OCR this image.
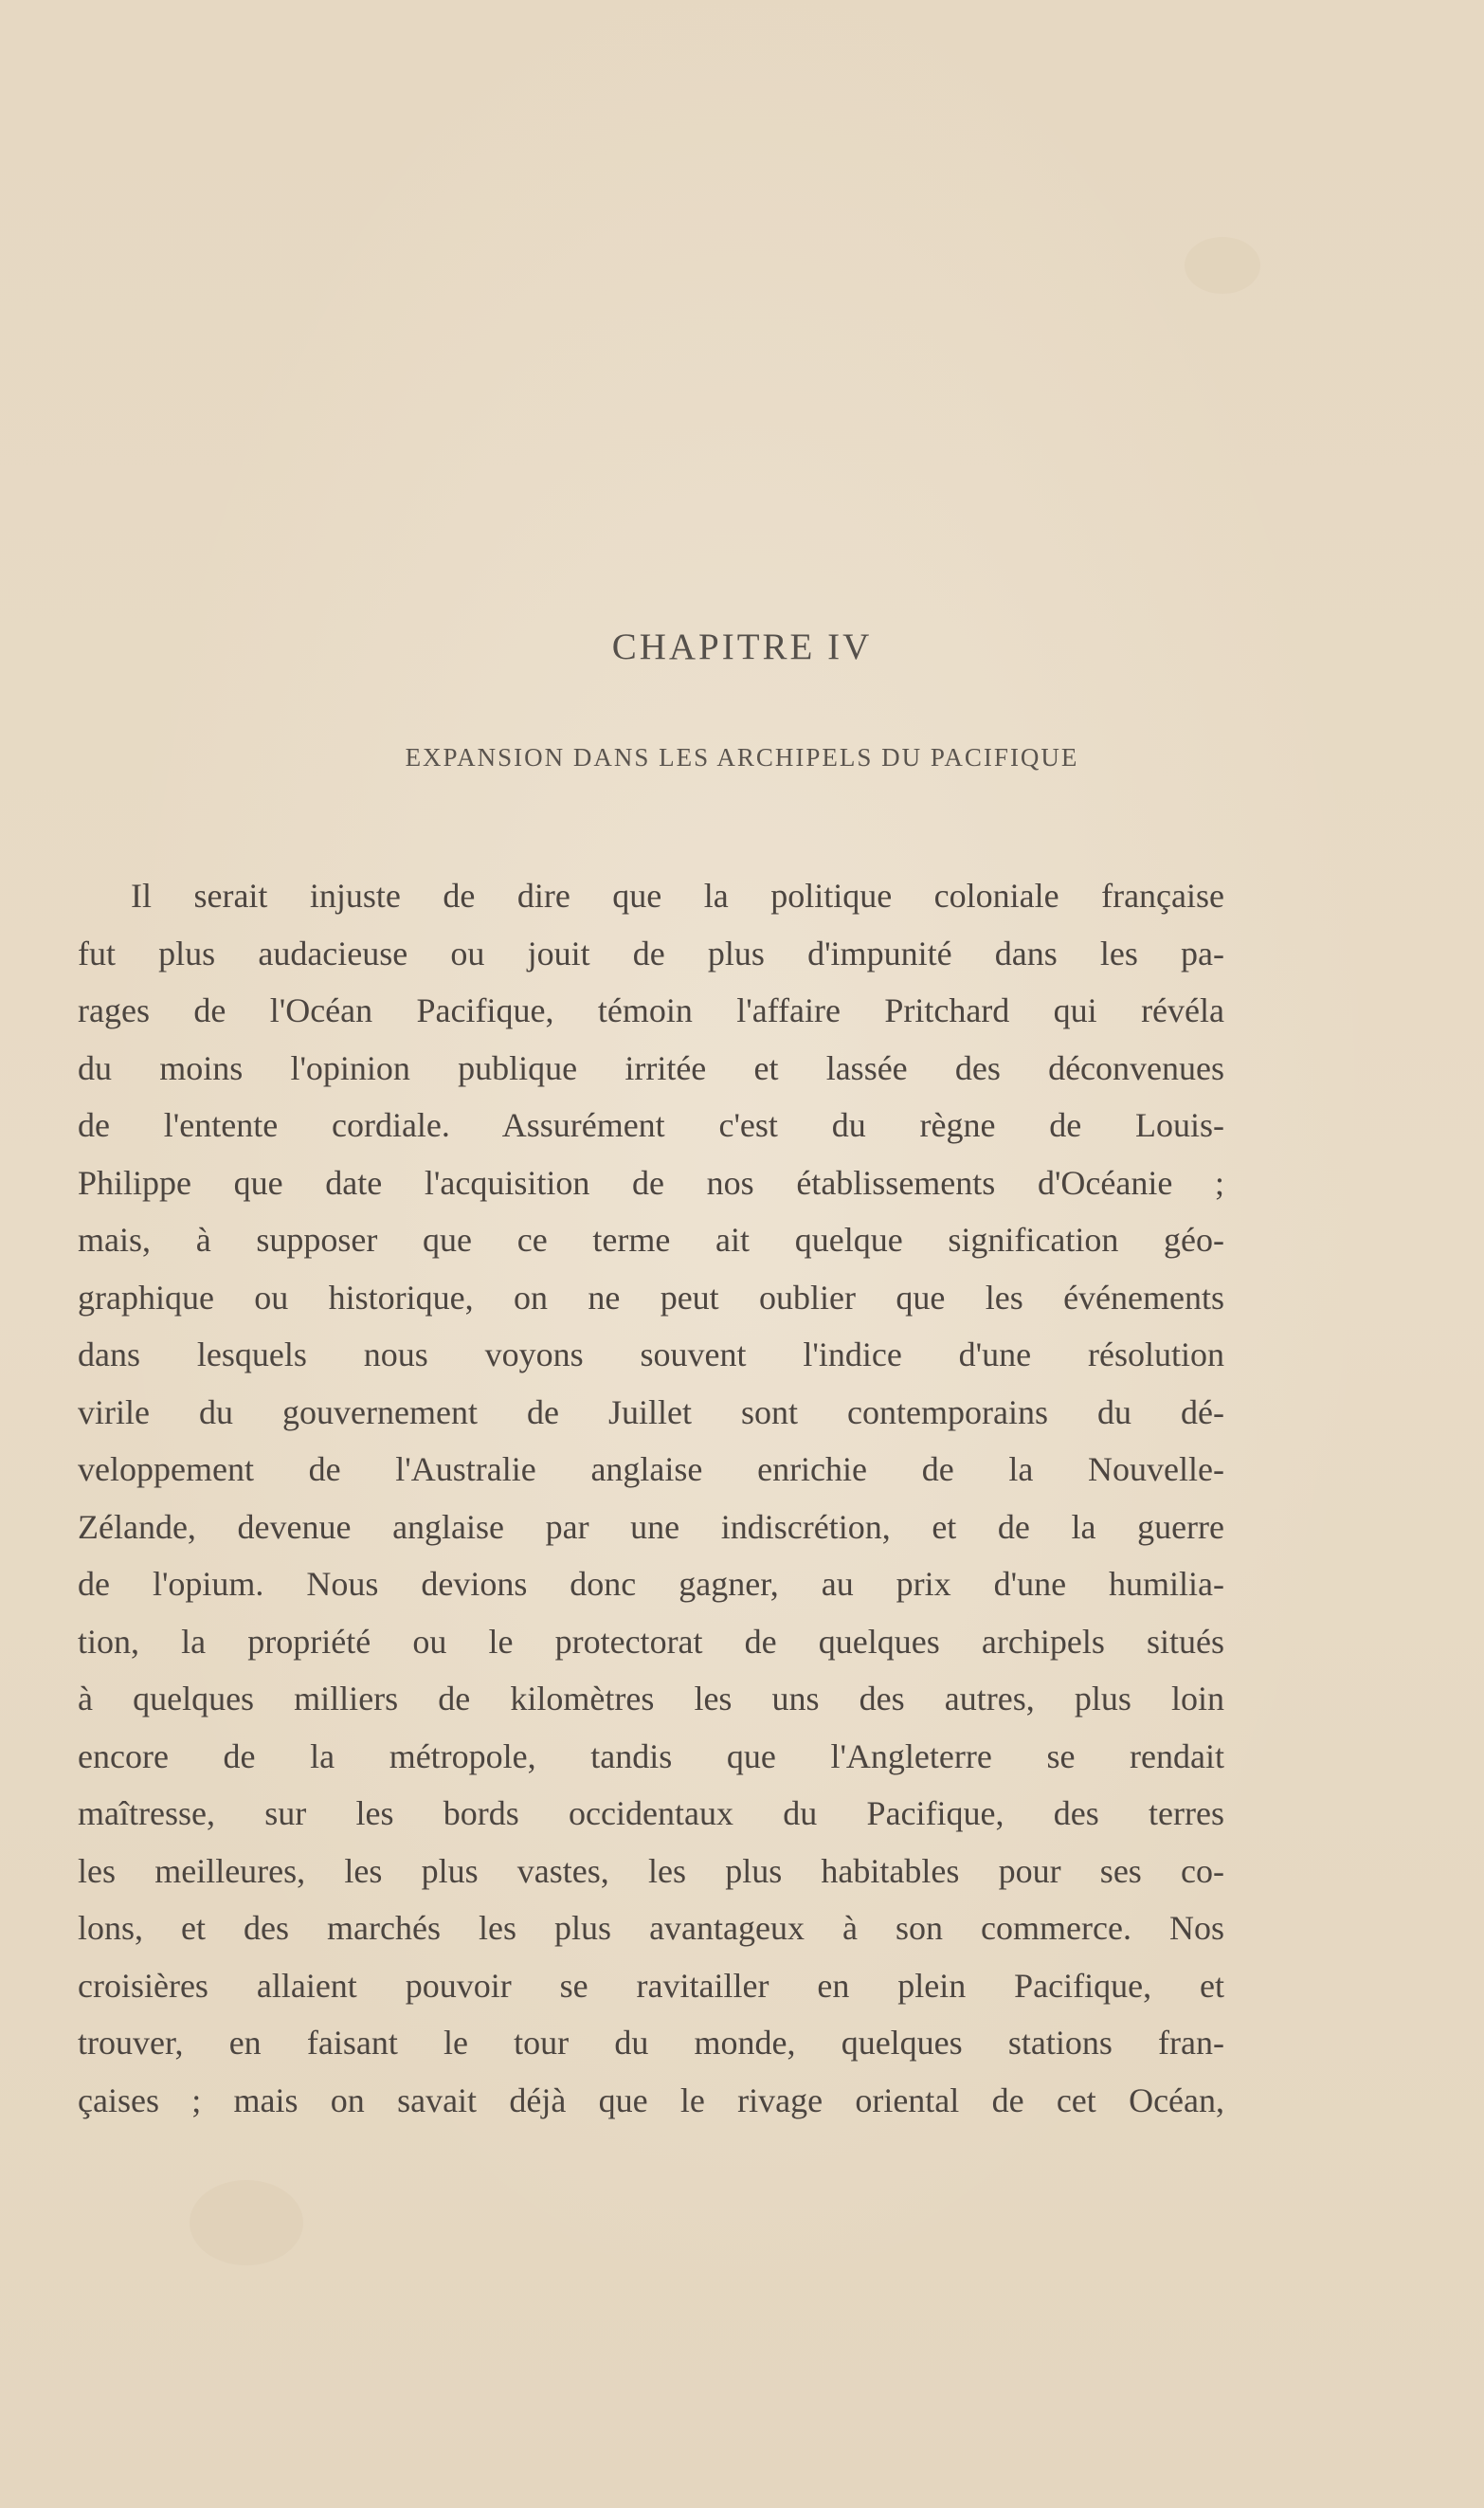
CHAPITRE IV
EXPANSION DANS LES ARCHIPELS DU PACIFIQUE
Il serait injuste de dire que la politique coloniale française
fut plus audacieuse ou jouit de plus d'impunité dans les pa-
rages de l'Océan Pacifique, témoin l'affaire Pritchard qui révéla
du moins l'opinion publique irritée et lassée des déconvenues
de l'entente cordiale. Assurément c'est du règne de Louis-
Philippe que date l'acquisition de nos établissements d'Océanie ;
mais, à supposer que ce terme ait quelque signification géo-
graphique ou historique, on ne peut oublier que les événements
dans lesquels nous voyons souvent l'indice d'une résolution
virile du gouvernement de Juillet sont contemporains du dé-
veloppement de l'Australie anglaise enrichie de la Nouvelle-
Zélande, devenue anglaise par une indiscrétion, et de la guerre
de l'opium. Nous devions donc gagner, au prix d'une humilia-
tion, la propriété ou le protectorat de quelques archipels situés
à quelques milliers de kilomètres les uns des autres, plus loin
encore de la métropole, tandis que l'Angleterre se rendait
maîtresse, sur les bords occidentaux du Pacifique, des terres
les meilleures, les plus vastes, les plus habitables pour ses co-
lons, et des marchés les plus avantageux à son commerce. Nos
croisières allaient pouvoir se ravitailler en plein Pacifique, et
trouver, en faisant le tour du monde, quelques stations fran-
çaises ; mais on savait déjà que le rivage oriental de cet Océan,
